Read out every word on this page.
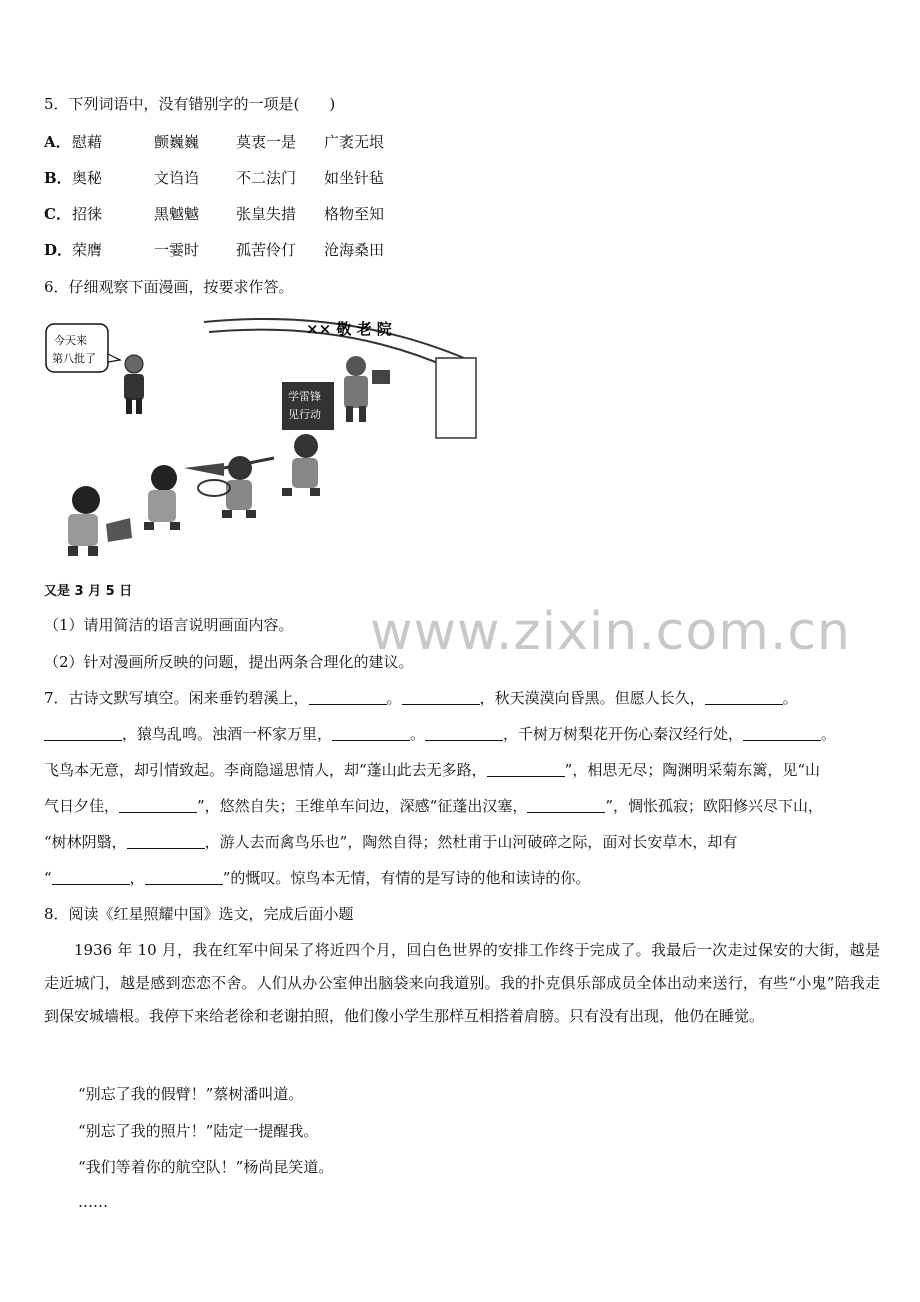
5．下列词语中，没有错别字的一项是(　　)
A．慰藉	颤巍巍 莫衷一是 广袤无垠
B．奥秘	文诌诌 不二法门 如坐针毡
C．招徕	黑魆魆 张皇失措 格物至知
D．荣膺	一霎时 孤苦伶仃 沧海桑田
6．仔细观察下面漫画，按要求作答。
今天来
第八批了
×× 敬 老 院
学雷锋
见行动
又是 3 月 5 日
（1）请用简洁的语言说明画面内容。
（2）针对漫画所反映的问题，提出两条合理化的建议。
www.zixin.com.cn
7．古诗文默写填空。闲来垂钓碧溪上，	。	，秋天漠漠向昏黑。但愿人长久，	。
，猿鸟乱鸣。浊酒一杯家万里，	。	，千树万树梨花开伤心秦汉经行处，	。
飞鸟本无意，却引情致起。李商隐遥思情人，却“蓬山此去无多路，	”，相思无尽；陶渊明采菊东篱，见“山
气日夕佳，	”，悠然自失；王维单车问边，深感“征蓬出汉塞，	”，惆怅孤寂；欧阳修兴尽下山，
“树林阴翳，	，游人去而禽鸟乐也”，陶然自得；然杜甫于山河破碎之际，面对长安草木，却有
“	，	”的慨叹。惊鸟本无情，有情的是写诗的他和读诗的你。
8．阅读《红星照耀中国》选文，完成后面小题
1936 年 10 月，我在红军中间呆了将近四个月，回白色世界的安排工作终于完成了。我最后一次走过保安的大街，越是走近城门，越是感到恋恋不舍。人们从办公室伸出脑袋来向我道别。我的扑克俱乐部成员全体出动来送行，有些“小鬼”陪我走到保安城墙根。我停下来给老徐和老谢拍照，他们像小学生那样互相搭着肩膀。只有没有出现，他仍在睡觉。
“别忘了我的假臂！”蔡树潘叫道。
“别忘了我的照片！”陆定一提醒我。
“我们等着你的航空队！”杨尚昆笑道。
……
